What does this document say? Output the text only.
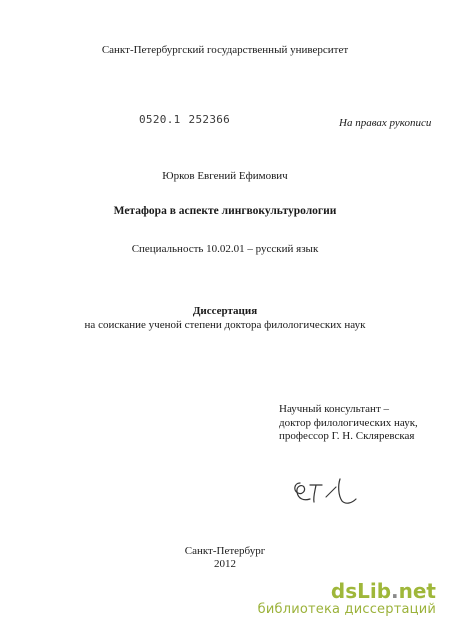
Санкт-Петербургский государственный университет
0520.1 252366	На правах рукописи
Юрков Евгений Ефимович
Метафора в аспекте лингвокультурологии
Специальность 10.02.01 – русский язык
Диссертация
на соискание ученой степени доктора филологических наук
Научный консультант –
доктор филологических наук,
профессор Г. Н. Скляревская
Санкт-Петербург
2012
dsLib.net
библиотека диссертаций
